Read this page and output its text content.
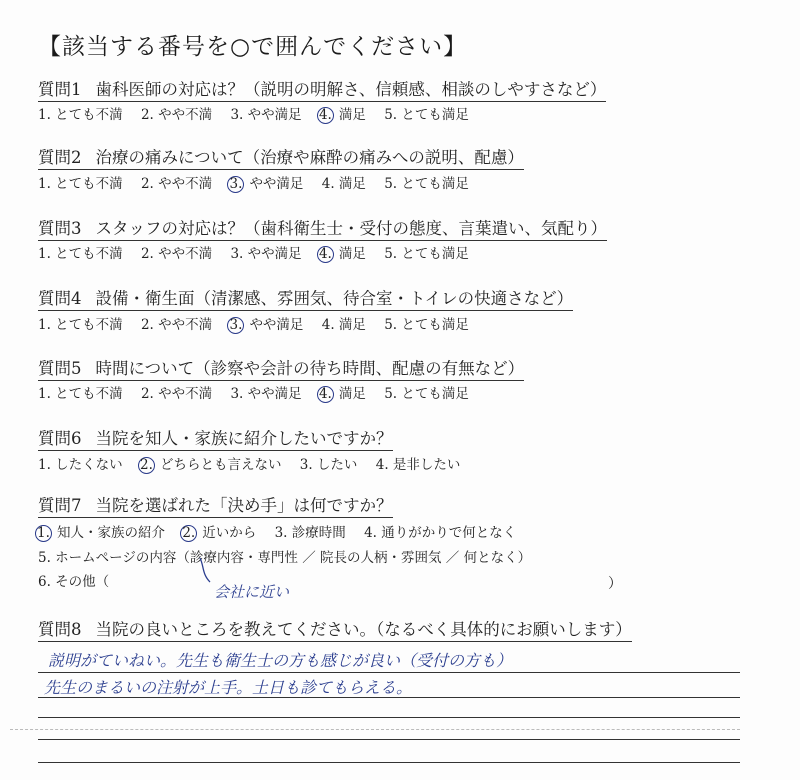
【該当する番号を○で囲んでください】
質問1 歯科医師の対応は？（説明の明解さ、信頼感、相談のしやすさなど）
1. とても不満 2. やや不満 3. やや満足 4. 満足 5. とても満足
質問2 治療の痛みについて（治療や麻酔の痛みへの説明、配慮）
1. とても不満 2. やや不満 3. やや満足 4. 満足 5. とても満足
質問3 スタッフの対応は？（歯科衛生士・受付の態度、言葉遣い、気配り）
1. とても不満 2. やや不満 3. やや満足 4. 満足 5. とても満足
質問4 設備・衛生面（清潔感、雰囲気、待合室・トイレの快適さなど）
1. とても不満 2. やや不満 3. やや満足 4. 満足 5. とても満足
質問5 時間について（診察や会計の待ち時間、配慮の有無など）
1. とても不満 2. やや不満 3. やや満足 4. 満足 5. とても満足
質問6 当院を知人・家族に紹介したいですか？
1. したくない 2. どちらとも言えない 3. したい 4. 是非したい
質問7 当院を選ばれた「決め手」は何ですか？
1. 知人・家族の紹介 2. 近いから 3. 診療時間 4. 通りがかりで何となく
5. ホームページの内容（診療内容・専門性 ／ 院長の人柄・雰囲気 ／ 何となく）
6. その他（	）
会社に近い
質問8 当院の良いところを教えてください。（なるべく具体的にお願いします）
説明がていねい。先生も衛生士の方も感じが良い（受付の方も）
先生のまるいの注射が上手。土日も診てもらえる。
